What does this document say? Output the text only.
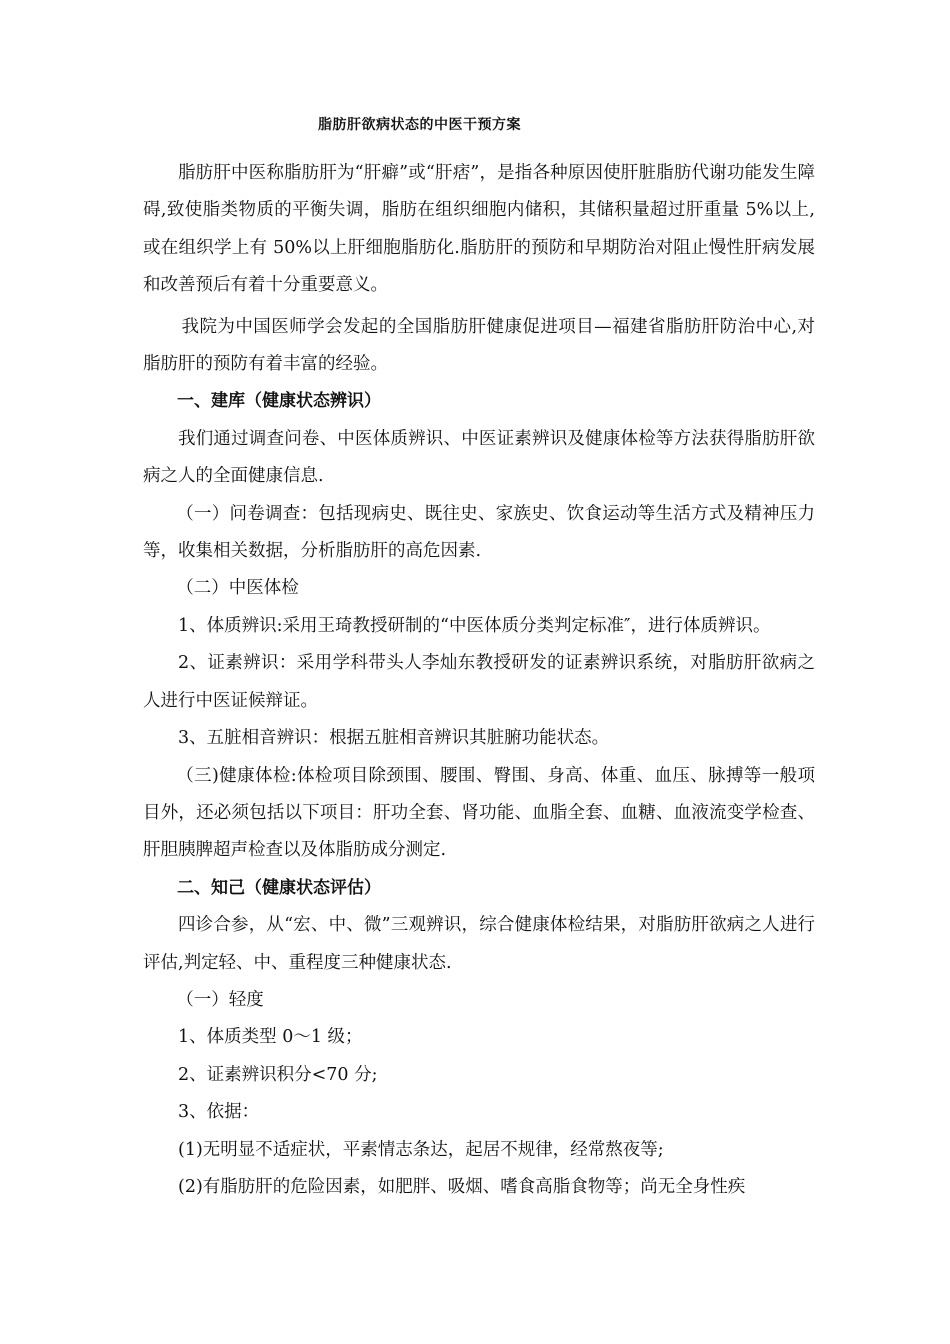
脂肪肝欲病状态的中医干预方案

脂肪肝中医称脂肪肝为“肝癖”或“肝痞”，是指各种原因使肝脏脂肪代谢功能发生障碍,致使脂类物质的平衡失调，脂肪在组织细胞内储积，其储积量超过肝重量 5%以上,或在组织学上有 50%以上肝细胞脂肪化.脂肪肝的预防和早期防治对阻止慢性肝病发展和改善预后有着十分重要意义。

我院为中国医师学会发起的全国脂肪肝健康促进项目—福建省脂肪肝防治中心,对脂肪肝的预防有着丰富的经验。

一、建库（健康状态辨识）

我们通过调查问卷、中医体质辨识、中医证素辨识及健康体检等方法获得脂肪肝欲病之人的全面健康信息.

（一）问卷调查：包括现病史、既往史、家族史、饮食运动等生活方式及精神压力等，收集相关数据，分析脂肪肝的高危因素.

（二）中医体检

1、体质辨识:采用王琦教授研制的“中医体质分类判定标准″，进行体质辨识。

2、证素辨识：采用学科带头人李灿东教授研发的证素辨识系统，对脂肪肝欲病之人进行中医证候辩证。

3、五脏相音辨识：根据五脏相音辨识其脏腑功能状态。

（三)健康体检:体检项目除颈围、腰围、臀围、身高、体重、血压、脉搏等一般项目外，还必须包括以下项目：肝功全套、肾功能、血脂全套、血糖、血液流变学检查、肝胆胰脾超声检查以及体脂肪成分测定.

二、知己（健康状态评估）

四诊合参，从“宏、中、微”三观辨识，综合健康体检结果，对脂肪肝欲病之人进行评估,判定轻、中、重程度三种健康状态.

（一）轻度

1、体质类型 0～1 级；

2、证素辨识积分<70 分;

3、依据：

(1)无明显不适症状，平素情志条达，起居不规律，经常熬夜等;

(2)有脂肪肝的危险因素，如肥胖、吸烟、嗜食高脂食物等；尚无全身性疾
